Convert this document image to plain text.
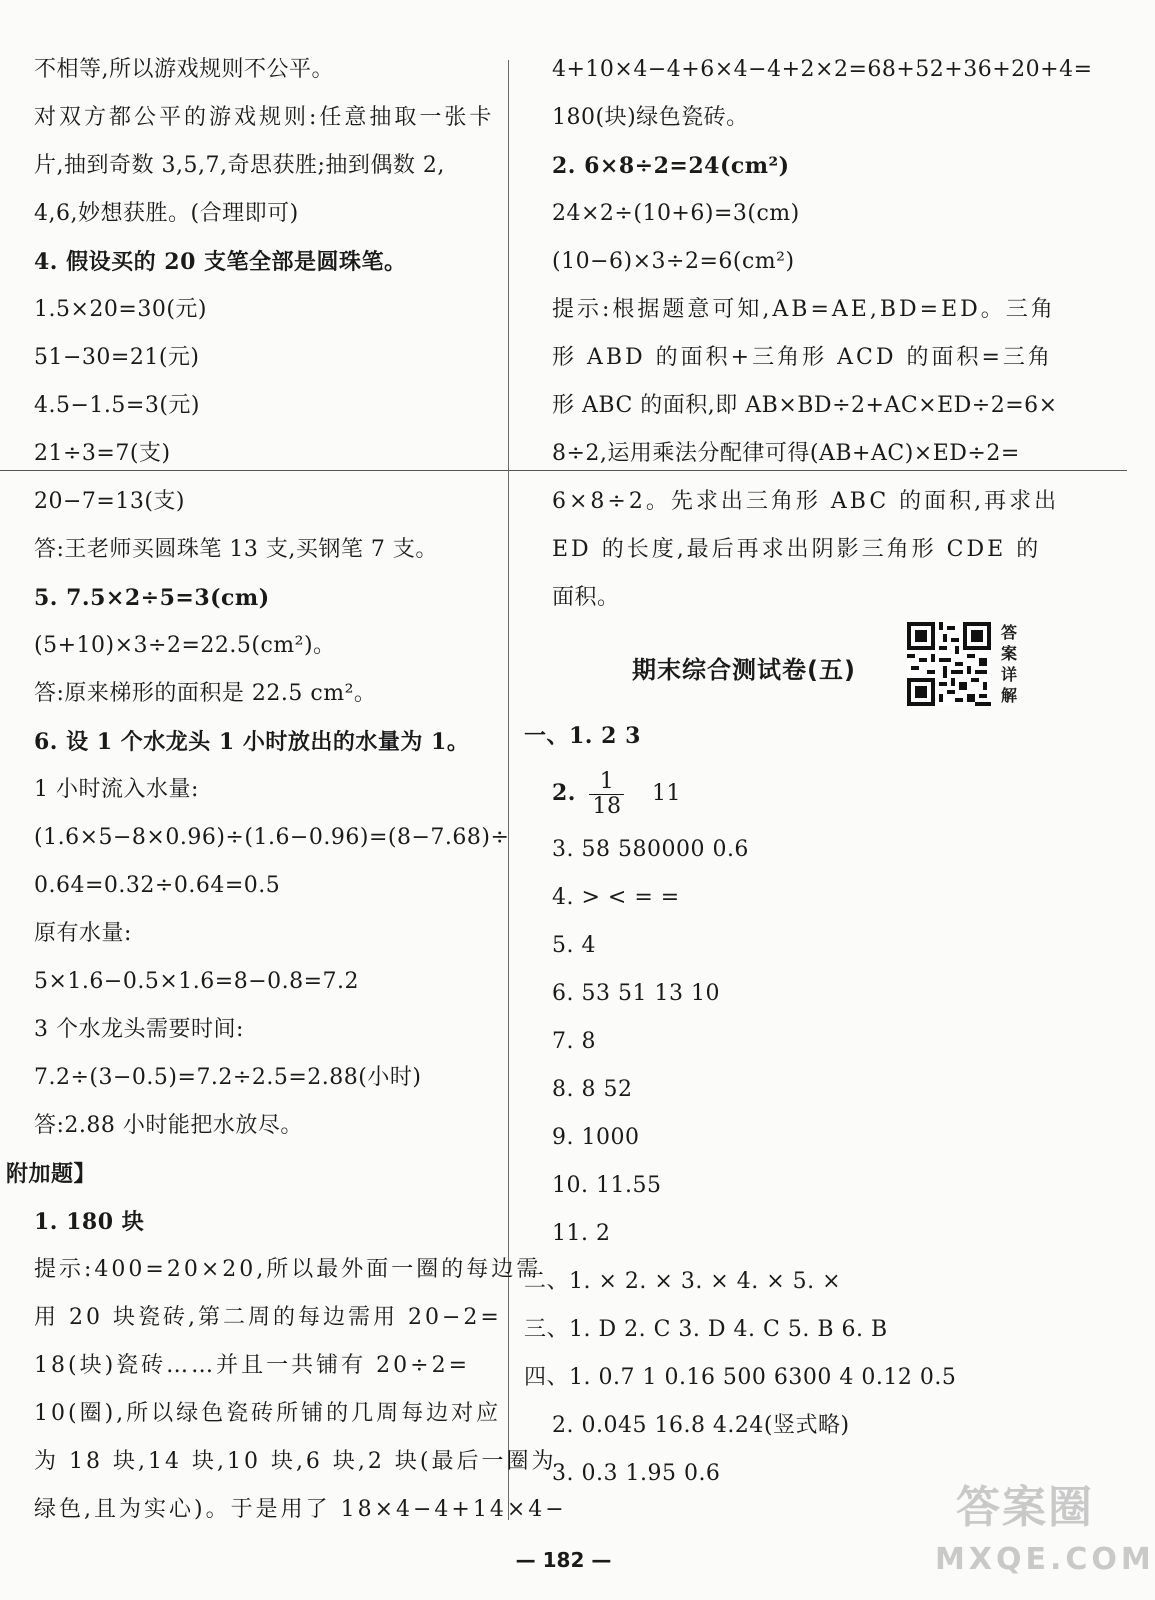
不相等,所以游戏规则不公平。
对双方都公平的游戏规则:任意抽取一张卡
片,抽到奇数 3,5,7,奇思获胜;抽到偶数 2,
4,6,妙想获胜。(合理即可)
4. 假设买的 20 支笔全部是圆珠笔。
1.5×20=30(元)
51−30=21(元)
4.5−1.5=3(元)
21÷3=7(支)
20−7=13(支)
答:王老师买圆珠笔 13 支,买钢笔 7 支。
5. 7.5×2÷5=3(cm)
(5+10)×3÷2=22.5(cm²)。
答:原来梯形的面积是 22.5 cm²。
6. 设 1 个水龙头 1 小时放出的水量为 1。
1 小时流入水量:
(1.6×5−8×0.96)÷(1.6−0.96)=(8−7.68)÷
0.64=0.32÷0.64=0.5
原有水量:
5×1.6−0.5×1.6=8−0.8=7.2
3 个水龙头需要时间:
7.2÷(3−0.5)=7.2÷2.5=2.88(小时)
答:2.88 小时能把水放尽。
附加题】
1. 180 块
提示:400=20×20,所以最外面一圈的每边需
用 20 块瓷砖,第二周的每边需用 20−2=
18(块)瓷砖……并且一共铺有 20÷2=
10(圈),所以绿色瓷砖所铺的几周每边对应
为 18 块,14 块,10 块,6 块,2 块(最后一圈为
绿色,且为实心)。于是用了 18×4−4+14×4−
4+10×4−4+6×4−4+2×2=68+52+36+20+4=
180(块)绿色瓷砖。
2. 6×8÷2=24(cm²)
24×2÷(10+6)=3(cm)
(10−6)×3÷2=6(cm²)
提示:根据题意可知,AB=AE,BD=ED。三角
形 ABD 的面积+三角形 ACD 的面积=三角
形 ABC 的面积,即 AB×BD÷2+AC×ED÷2=6×
8÷2,运用乘法分配律可得(AB+AC)×ED÷2=
6×8÷2。先求出三角形 ABC 的面积,再求出
ED 的长度,最后再求出阴影三角形 CDE 的
面积。
期末综合测试卷(五)
答案详解
一、1. 2 3
2. $\frac{1}{18} 11$
3. 58 580000 0.6
4. > < = =
5. 4
6. 53 51 13 10
7. 8
8. 8 52
9. 1000
10. 11.55
11. 2
二、1. × 2. × 3. × 4. × 5. ×
三、1. D 2. C 3. D 4. C 5. B 6. B
四、1. 0.7 1 0.16 500 6300 4 0.12 0.5
2. 0.045 16.8 4.24(竖式略)
3. 0.3 1.95 0.6
— 182 —
答案圈
MXQE.COM
